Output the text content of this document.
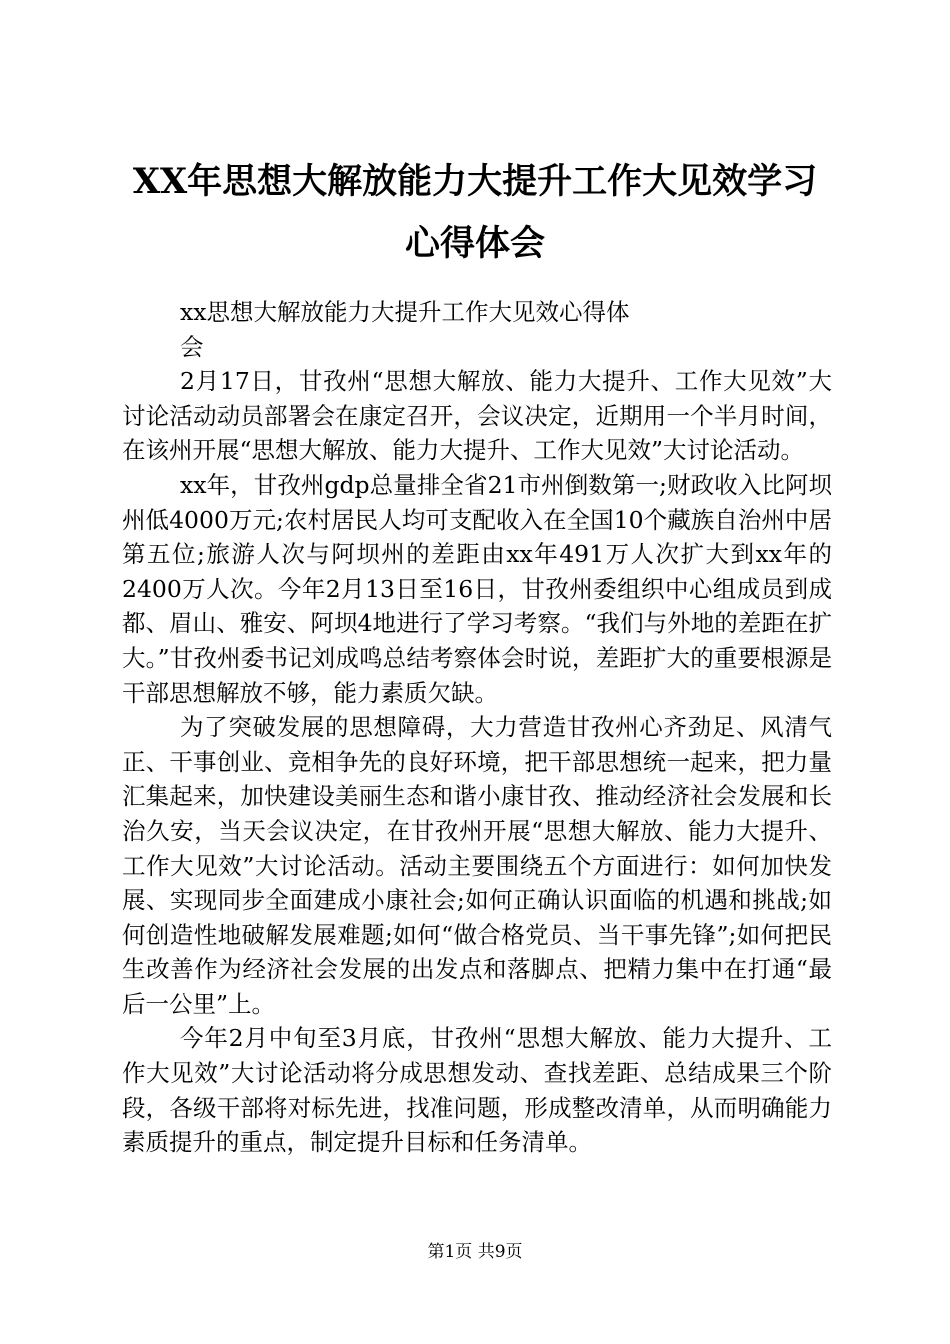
XX年思想大解放能力大提升工作大见效学习
心得体会
xx思想大解放能力大提升工作大见效心得体会

2月17日，甘孜州“思想大解放、能力大提升、工作大见效”大讨论活动动员部署会在康定召开，会议决定，近期用一个半月时间，在该州开展“思想大解放、能力大提升、工作大见效”大讨论活动。

xx年，甘孜州gdp总量排全省21市州倒数第一;财政收入比阿坝州低4000万元;农村居民人均可支配收入在全国10个藏族自治州中居第五位;旅游人次与阿坝州的差距由xx年491万人次扩大到xx年的2400万人次。今年2月13日至16日，甘孜州委组织中心组成员到成都、眉山、雅安、阿坝4地进行了学习考察。“我们与外地的差距在扩大。”甘孜州委书记刘成鸣总结考察体会时说，差距扩大的重要根源是干部思想解放不够，能力素质欠缺。

为了突破发展的思想障碍，大力营造甘孜州心齐劲足、风清气正、干事创业、竞相争先的良好环境，把干部思想统一起来，把力量汇集起来，加快建设美丽生态和谐小康甘孜、推动经济社会发展和长治久安，当天会议决定，在甘孜州开展“思想大解放、能力大提升、工作大见效”大讨论活动。活动主要围绕五个方面进行：如何加快发展、实现同步全面建成小康社会;如何正确认识面临的机遇和挑战;如何创造性地破解发展难题;如何“做合格党员、当干事先锋”;如何把民生改善作为经济社会发展的出发点和落脚点、把精力集中在打通“最后一公里”上。

今年2月中旬至3月底，甘孜州“思想大解放、能力大提升、工作大见效”大讨论活动将分成思想发动、查找差距、总结成果三个阶段，各级干部将对标先进，找准问题，形成整改清单，从而明确能力素质提升的重点，制定提升目标和任务清单。

第1页 共9页
